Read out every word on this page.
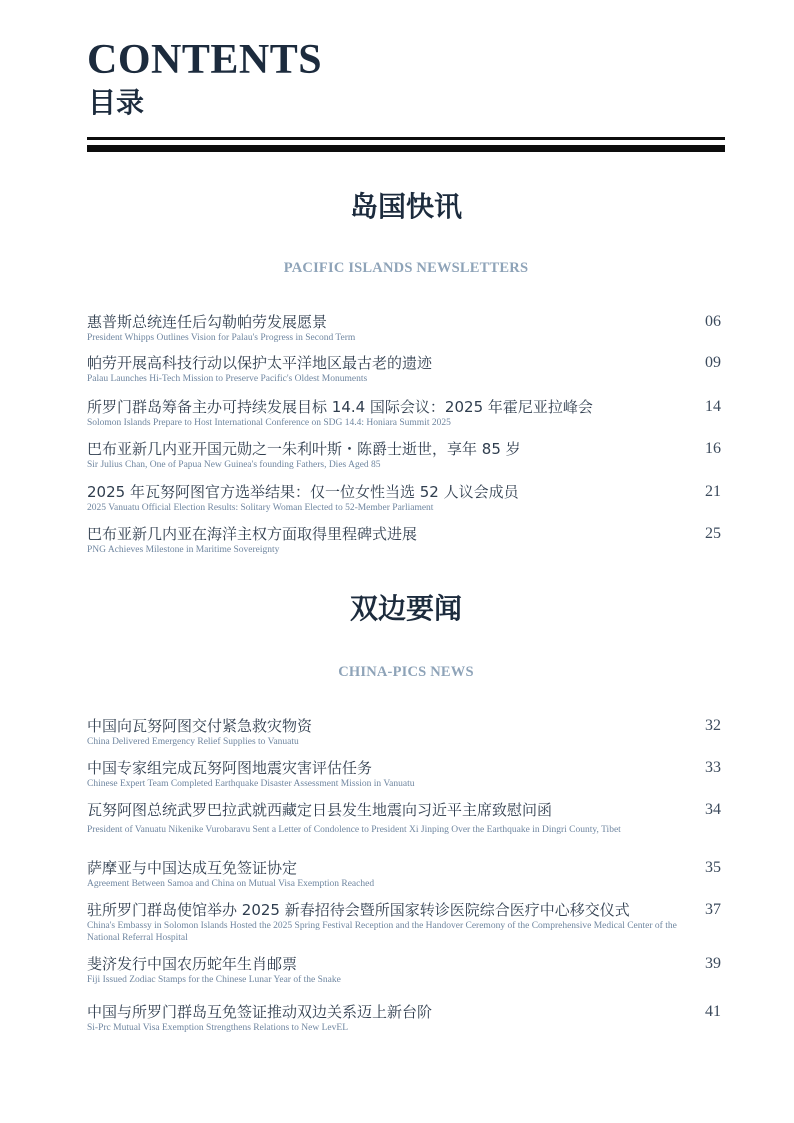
CONTENTS
目录
岛国快讯
PACIFIC ISLANDS NEWSLETTERS
惠普斯总统连任后勾勒帕劳发展愿景
President Whipps Outlines Vision for Palau's Progress in Second Term
06
帕劳开展高科技行动以保护太平洋地区最古老的遗迹
Palau Launches Hi-Tech Mission to Preserve Pacific's Oldest Monuments
09
所罗门群岛筹备主办可持续发展目标 14.4 国际会议：2025 年霍尼亚拉峰会
Solomon Islands Prepare to Host International Conference on SDG 14.4: Honiara Summit 2025
14
巴布亚新几内亚开国元勋之一朱利叶斯・陈爵士逝世，享年 85 岁
Sir Julius Chan, One of Papua New Guinea's founding Fathers, Dies Aged 85
16
2025 年瓦努阿图官方选举结果：仅一位女性当选 52 人议会成员
2025 Vanuatu Official Election Results: Solitary Woman Elected to 52-Member Parliament
21
巴布亚新几内亚在海洋主权方面取得里程碑式进展
PNG Achieves Milestone in Maritime Sovereignty
25
双边要闻
CHINA-PICS NEWS
中国向瓦努阿图交付紧急救灾物资
China Delivered Emergency Relief Supplies to Vanuatu
32
中国专家组完成瓦努阿图地震灾害评估任务
Chinese Expert Team Completed Earthquake Disaster Assessment Mission in Vanuatu
33
瓦努阿图总统武罗巴拉武就西藏定日县发生地震向习近平主席致慰问函
President of Vanuatu Nikenike Vurobaravu Sent a Letter of Condolence to President Xi Jinping Over the Earthquake in Dingri County, Tibet
34
萨摩亚与中国达成互免签证协定
Agreement Between Samoa and China on Mutual Visa Exemption Reached
35
驻所罗门群岛使馆举办 2025 新春招待会暨所国家转诊医院综合医疗中心移交仪式
China's Embassy in Solomon Islands Hosted the 2025 Spring Festival Reception and the Handover Ceremony of the Comprehensive Medical Center of the National Referral Hospital
37
斐济发行中国农历蛇年生肖邮票
Fiji Issued Zodiac Stamps for the Chinese Lunar Year of the Snake
39
中国与所罗门群岛互免签证推动双边关系迈上新台阶
Si-Prc Mutual Visa Exemption Strengthens Relations to New LevEL
41
